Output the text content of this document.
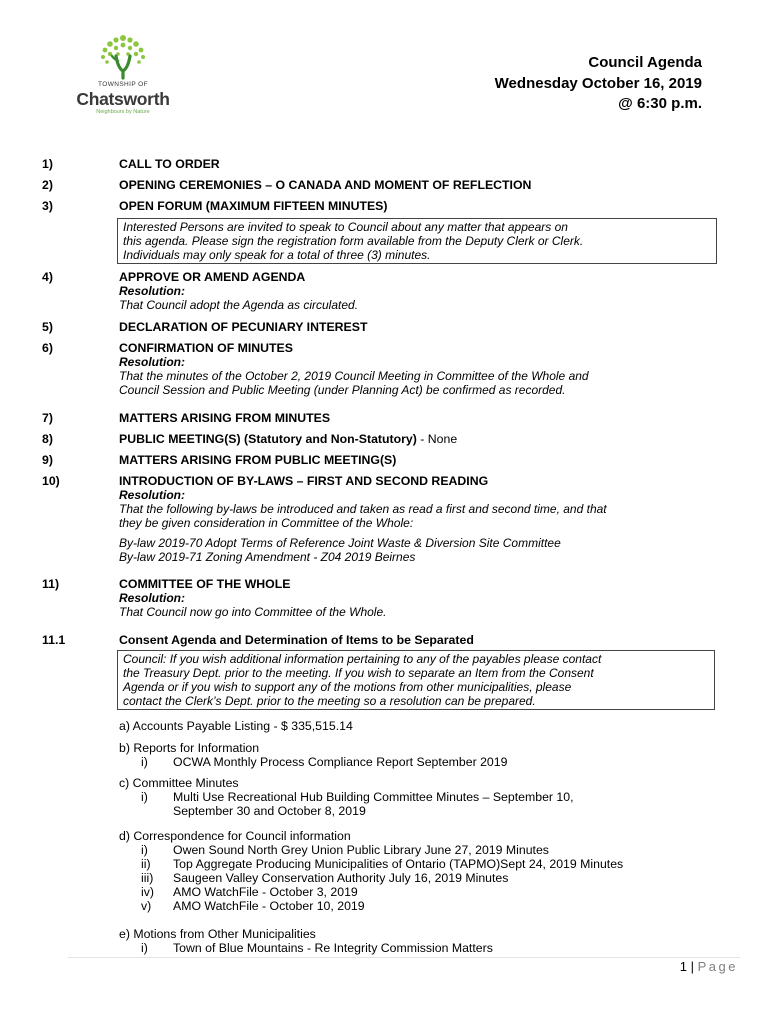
TOWNSHIP OF
Chatsworth
Neighbours by Nature
Council Agenda
Wednesday October 16, 2019
@ 6:30 p.m.
1)	CALL TO ORDER
2)	OPENING CEREMONIES – O CANADA AND MOMENT OF REFLECTION
3)	OPEN FORUM (MAXIMUM FIFTEEN MINUTES)
Interested Persons are invited to speak to Council about any matter that appears on
this agenda. Please sign the registration form available from the Deputy Clerk or Clerk.
Individuals may only speak for a total of three (3) minutes.
4)	APPROVE OR AMEND AGENDA
Resolution:
That Council adopt the Agenda as circulated.
5)	DECLARATION OF PECUNIARY INTEREST
6)	CONFIRMATION OF MINUTES
Resolution:
That the minutes of the October 2, 2019 Council Meeting in Committee of the Whole and
Council Session and Public Meeting (under Planning Act) be confirmed as recorded.
7)	MATTERS ARISING FROM MINUTES
8)	PUBLIC MEETING(S) (Statutory and Non-Statutory) - None
9)	MATTERS ARISING FROM PUBLIC MEETING(S)
10)	INTRODUCTION OF BY-LAWS – FIRST AND SECOND READING
Resolution:
That the following by-laws be introduced and taken as read a first and second time, and that
they be given consideration in Committee of the Whole:
By-law 2019-70 Adopt Terms of Reference Joint Waste & Diversion Site Committee
By-law 2019-71 Zoning Amendment - Z04 2019 Beirnes
11)	COMMITTEE OF THE WHOLE
Resolution:
That Council now go into Committee of the Whole.
11.1	Consent Agenda and Determination of Items to be Separated
Council: If you wish additional information pertaining to any of the payables please contact
the Treasury Dept. prior to the meeting. If you wish to separate an Item from the Consent
Agenda or if you wish to support any of the motions from other municipalities, please
contact the Clerk’s Dept. prior to the meeting so a resolution can be prepared.
a) Accounts Payable Listing - $ 335,515.14
b) Reports for Information
i) OCWA Monthly Process Compliance Report September 2019
c) Committee Minutes
i) Multi Use Recreational Hub Building Committee Minutes – September 10,
September 30 and October 8, 2019
d) Correspondence for Council information
i) Owen Sound North Grey Union Public Library June 27, 2019 Minutes
ii) Top Aggregate Producing Municipalities of Ontario (TAPMO)Sept 24, 2019 Minutes
iii) Saugeen Valley Conservation Authority July 16, 2019 Minutes
iv) AMO WatchFile - October 3, 2019
v) AMO WatchFile - October 10, 2019
e) Motions from Other Municipalities
i) Town of Blue Mountains - Re Integrity Commission Matters
1 | Page
